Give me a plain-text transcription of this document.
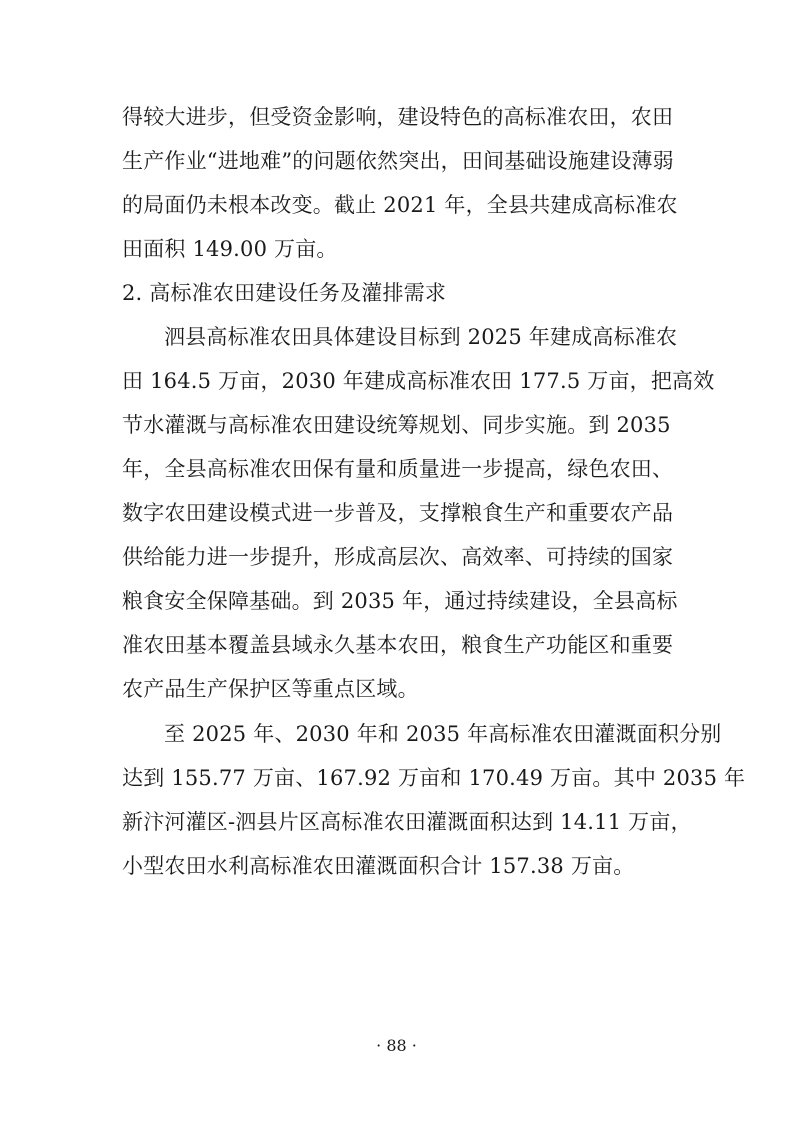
得较大进步，但受资金影响，建设特色的高标准农田，农田
生产作业“进地难”的问题依然突出，田间基础设施建设薄弱
的局面仍未根本改变。截止 2021 年，全县共建成高标准农
田面积 149.00 万亩。
2. 高标准农田建设任务及灌排需求
泗县高标准农田具体建设目标到 2025 年建成高标准农
田 164.5 万亩，2030 年建成高标准农田 177.5 万亩，把高效
节水灌溉与高标准农田建设统筹规划、同步实施。到 2035
年，全县高标准农田保有量和质量进一步提高，绿色农田、
数字农田建设模式进一步普及，支撑粮食生产和重要农产品
供给能力进一步提升，形成高层次、高效率、可持续的国家
粮食安全保障基础。到 2035 年，通过持续建设，全县高标
准农田基本覆盖县域永久基本农田，粮食生产功能区和重要
农产品生产保护区等重点区域。
至 2025 年、2030 年和 2035 年高标准农田灌溉面积分别
达到 155.77 万亩、167.92 万亩和 170.49 万亩。其中 2035 年
新汴河灌区-泗县片区高标准农田灌溉面积达到 14.11 万亩，
小型农田水利高标准农田灌溉面积合计 157.38 万亩。
· 88 ·
